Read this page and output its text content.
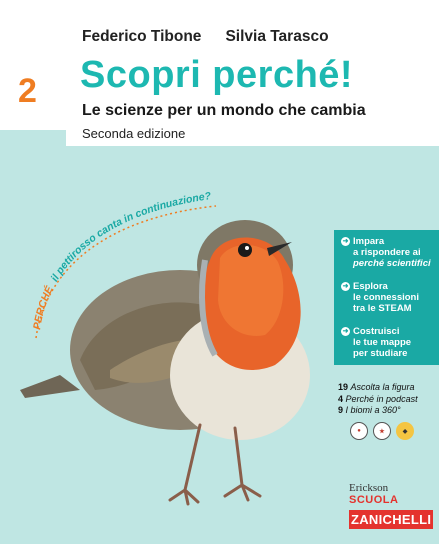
Federico Tibone Silvia Tarasco
2 Scopri perché!
Le scienze per un mondo che cambia
Seconda edizione
PERCHÉ il pettirosso canta in continuazione?
➜ Impara
a rispondere ai
perché scientifici
➜ Esplora
le connessioni
tra le STEAM
➜ Costruisci
le tue mappe
per studiare
19 Ascolta la figura
4 Perché in podcast
9 I biomi a 360°
●	★	◆
Erickson SCUOLA
ZANICHELLI
